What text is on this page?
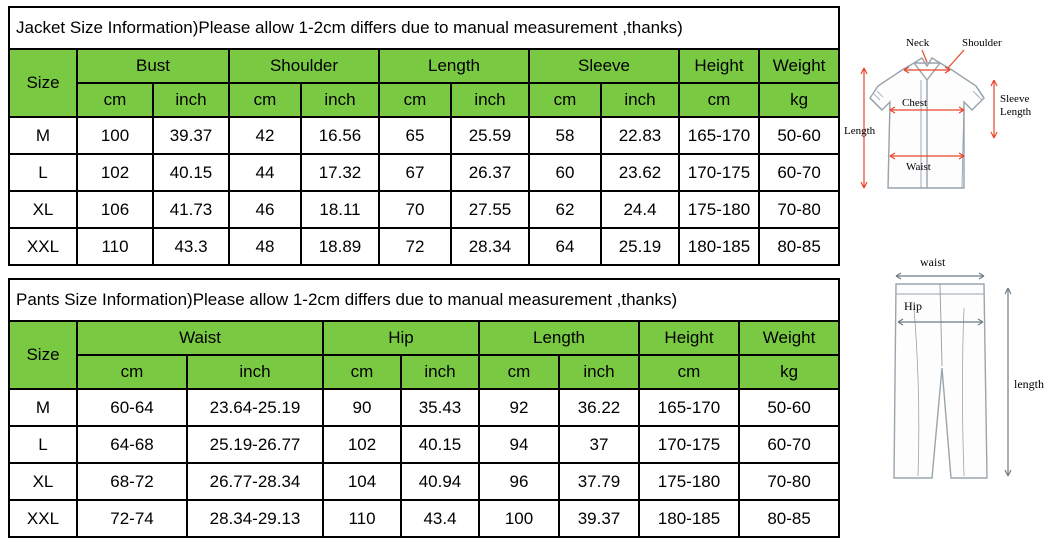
Jacket Size Information)Please allow 1-2cm differs due to manual measurement ,thanks)										
Size	Bust		Shoulder		Length		Sleeve		Height	Weight
	cm	inch	cm	inch	cm	inch	cm	inch	cm	kg
M	100	39.37	42	16.56	65	25.59	58	22.83	165-170	50-60
L	102	40.15	44	17.32	67	26.37	60	23.62	170-175	60-70
XL	106	41.73	46	18.11	70	27.55	62	24.4	175-180	70-80
XXL	110	43.3	48	18.89	72	28.34	64	25.19	180-185	80-85
Pants Size Information)Please allow 1-2cm differs due to manual measurement ,thanks)								
Size	Waist		Hip		Length		Height	Weight
	cm	inch	cm	inch	cm	inch	cm	kg
M	60-64	23.64-25.19	90	35.43	92	36.22	165-170	50-60
L	64-68	25.19-26.77	102	40.15	94	37	170-175	60-70
XL	68-72	26.77-28.34	104	40.94	96	37.79	175-180	70-80
XXL	72-74	28.34-29.13	110	43.4	100	39.37	180-185	80-85
Neck	Shoulder
Chest
Waist
Length
Sleeve
Length
waist
Hip
length
